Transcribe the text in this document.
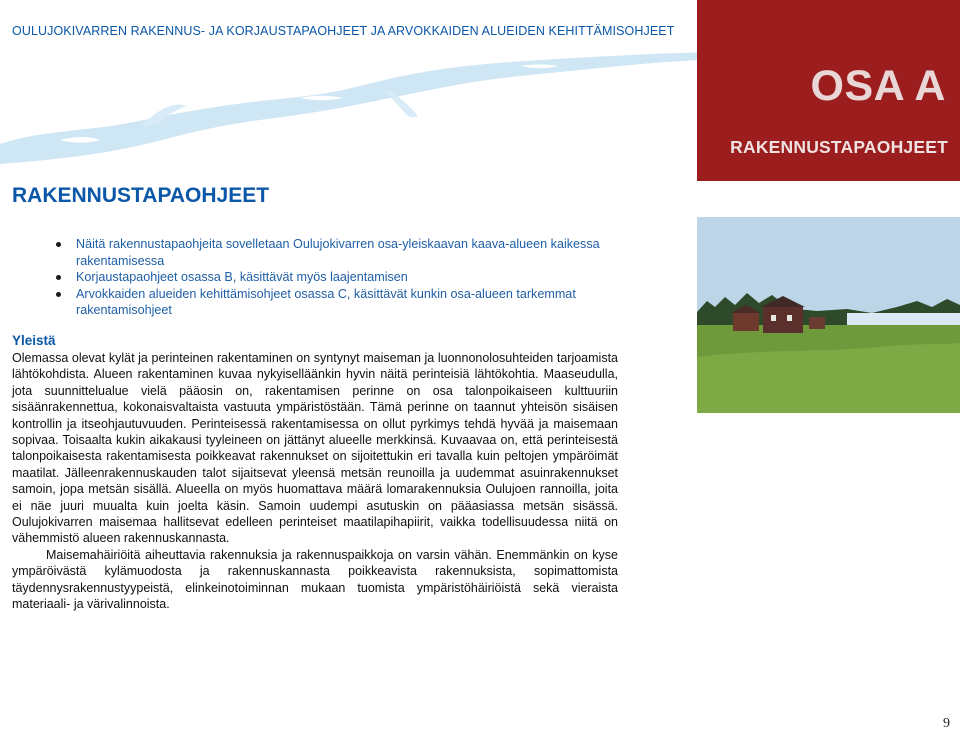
OULUJOKIVARREN RAKENNUS- JA KORJAUSTAPAOHJEET JA ARVOKKAIDEN ALUEIDEN KEHITTÄMISOHJEET
OSA A
RAKENNUSTAPAOHJEET
RAKENNUSTAPAOHJEET
Näitä rakennustapaohjeita sovelletaan Oulujokivarren osa-yleiskaavan kaava-alueen kaikessa rakentamisessa
Korjaustapaohjeet osassa B, käsittävät myös laajentamisen
Arvokkaiden alueiden kehittämisohjeet osassa C, käsittävät kunkin osa-alueen tarkemmat rakentamisohjeet
Yleistä

Olemassa olevat kylät ja perinteinen rakentaminen on syntynyt maiseman ja luonnonolosuhteiden tarjoamista lähtökohdista. Alueen rakentaminen kuvaa nykyiselläänkin hyvin näitä perinteisiä lähtökohtia. Maaseudulla, jota suunnittelualue vielä pääosin on, rakentamisen perinne on osa talonpoikaiseen kulttuuriin sisäänrakennettua, kokonaisvaltaista vastuuta ympäristöstään. Tämä perinne on taannut yhteisön sisäisen kontrollin ja itseohjautuvuuden. Perinteisessä rakentamisessa on ollut pyrkimys tehdä hyvää ja maisemaan sopivaa. Toisaalta kukin aikakausi tyyleineen on jättänyt alueelle merkkinsä. Kuvaavaa on, että perinteisestä talonpoikaisesta rakentamisesta poikkeavat rakennukset on sijoitettukin eri tavalla kuin peltojen ympäröimät maatilat. Jälleenrakennuskauden talot sijaitsevat yleensä metsän reunoilla ja uudemmat asuinrakennukset samoin, jopa metsän sisällä. Alueella on myös huomattava määrä lomarakennuksia Oulujoen rannoilla, joita ei näe juuri muualta kuin joelta käsin. Samoin uudempi asutuskin on pääasiassa metsän sisässä. Oulujokivarren maisemaa hallitsevat edelleen perinteiset maatilapihapiirit, vaikka todellisuudessa niitä on vähemmistö alueen rakennuskannasta.

Maisemahäiriöitä aiheuttavia rakennuksia ja rakennuspaikkoja on varsin vähän. Enemmänkin on kyse ympäröivästä kylämuodosta ja rakennuskannasta poikkeavista rakennuksista, sopimattomista täydennysrakennustyypeistä, elinkeinotoiminnan mukaan tuomista ympäristöhäiriöistä sekä vieraista materiaali- ja värivalinnoista.

9
